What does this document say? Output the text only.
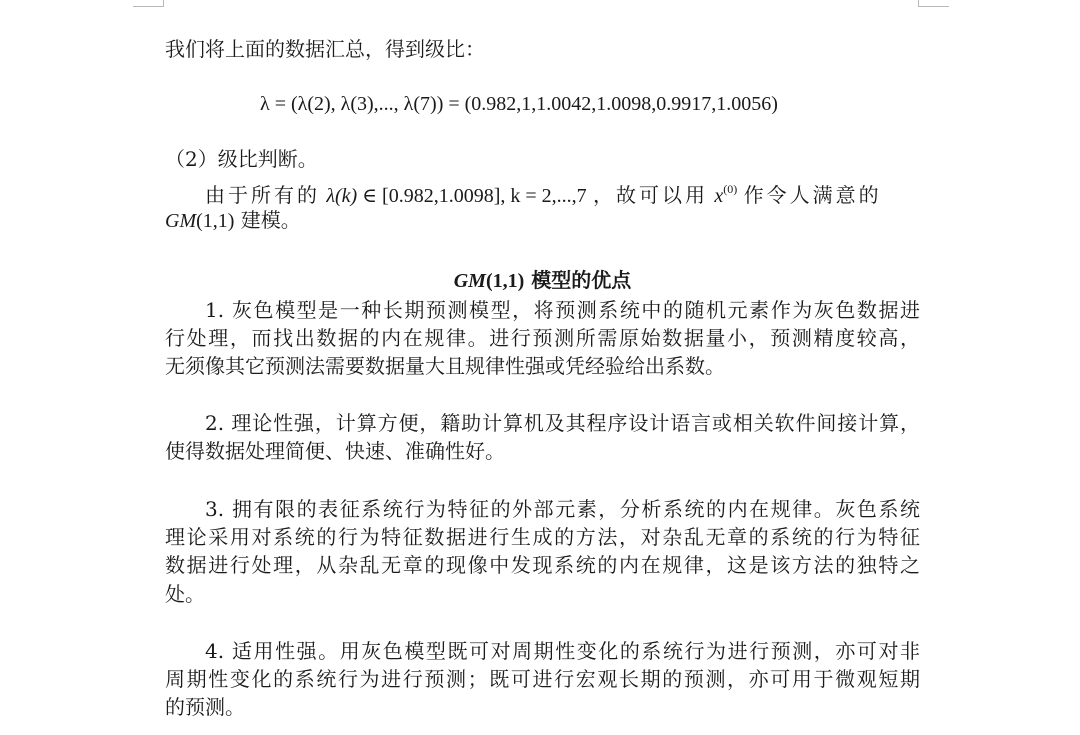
我们将上面的数据汇总，得到级比：
λ = (λ(2), λ(3),..., λ(7)) = (0.982,1,1.0042,1.0098,0.9917,1.0056)
（2）级比判断。
由于所有的 λ(k) ∈ [0.982,1.0098], k = 2,...,7 ，故可以用 $x^{(0)}$ 作令人满意的
GM(1,1) 建模。
GM(1,1) 模型的优点
1. 灰色模型是一种长期预测模型，将预测系统中的随机元素作为灰色数据进
行处理，而找出数据的内在规律。进行预测所需原始数据量小，预测精度较高，
无须像其它预测法需要数据量大且规律性强或凭经验给出系数。
2. 理论性强，计算方便，籍助计算机及其程序设计语言或相关软件间接计算，
使得数据处理简便、快速、准确性好。
3. 拥有限的表征系统行为特征的外部元素，分析系统的内在规律。灰色系统
理论采用对系统的行为特征数据进行生成的方法，对杂乱无章的系统的行为特征
数据进行处理，从杂乱无章的现像中发现系统的内在规律，这是该方法的独特之
处。
4. 适用性强。用灰色模型既可对周期性变化的系统行为进行预测，亦可对非
周期性变化的系统行为进行预测；既可进行宏观长期的预测，亦可用于微观短期
的预测。
